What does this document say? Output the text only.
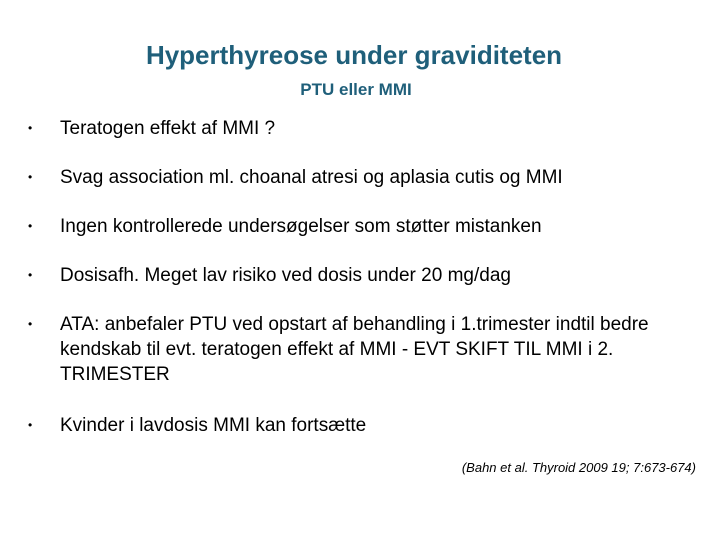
Hyperthyreose under graviditeten
PTU eller MMI
• Teratogen effekt af MMI ?
• Svag association ml. choanal atresi og aplasia cutis og MMI
• Ingen kontrollerede undersøgelser som støtter mistanken
• Dosisafh. Meget lav risiko ved dosis under 20 mg/dag
• ATA: anbefaler PTU ved opstart af behandling i 1.trimester indtil bedre kendskab til evt. teratogen effekt af MMI - EVT SKIFT TIL MMI i 2. TRIMESTER
• Kvinder i lavdosis MMI kan fortsætte
(Bahn et al. Thyroid 2009 19; 7:673-674)
